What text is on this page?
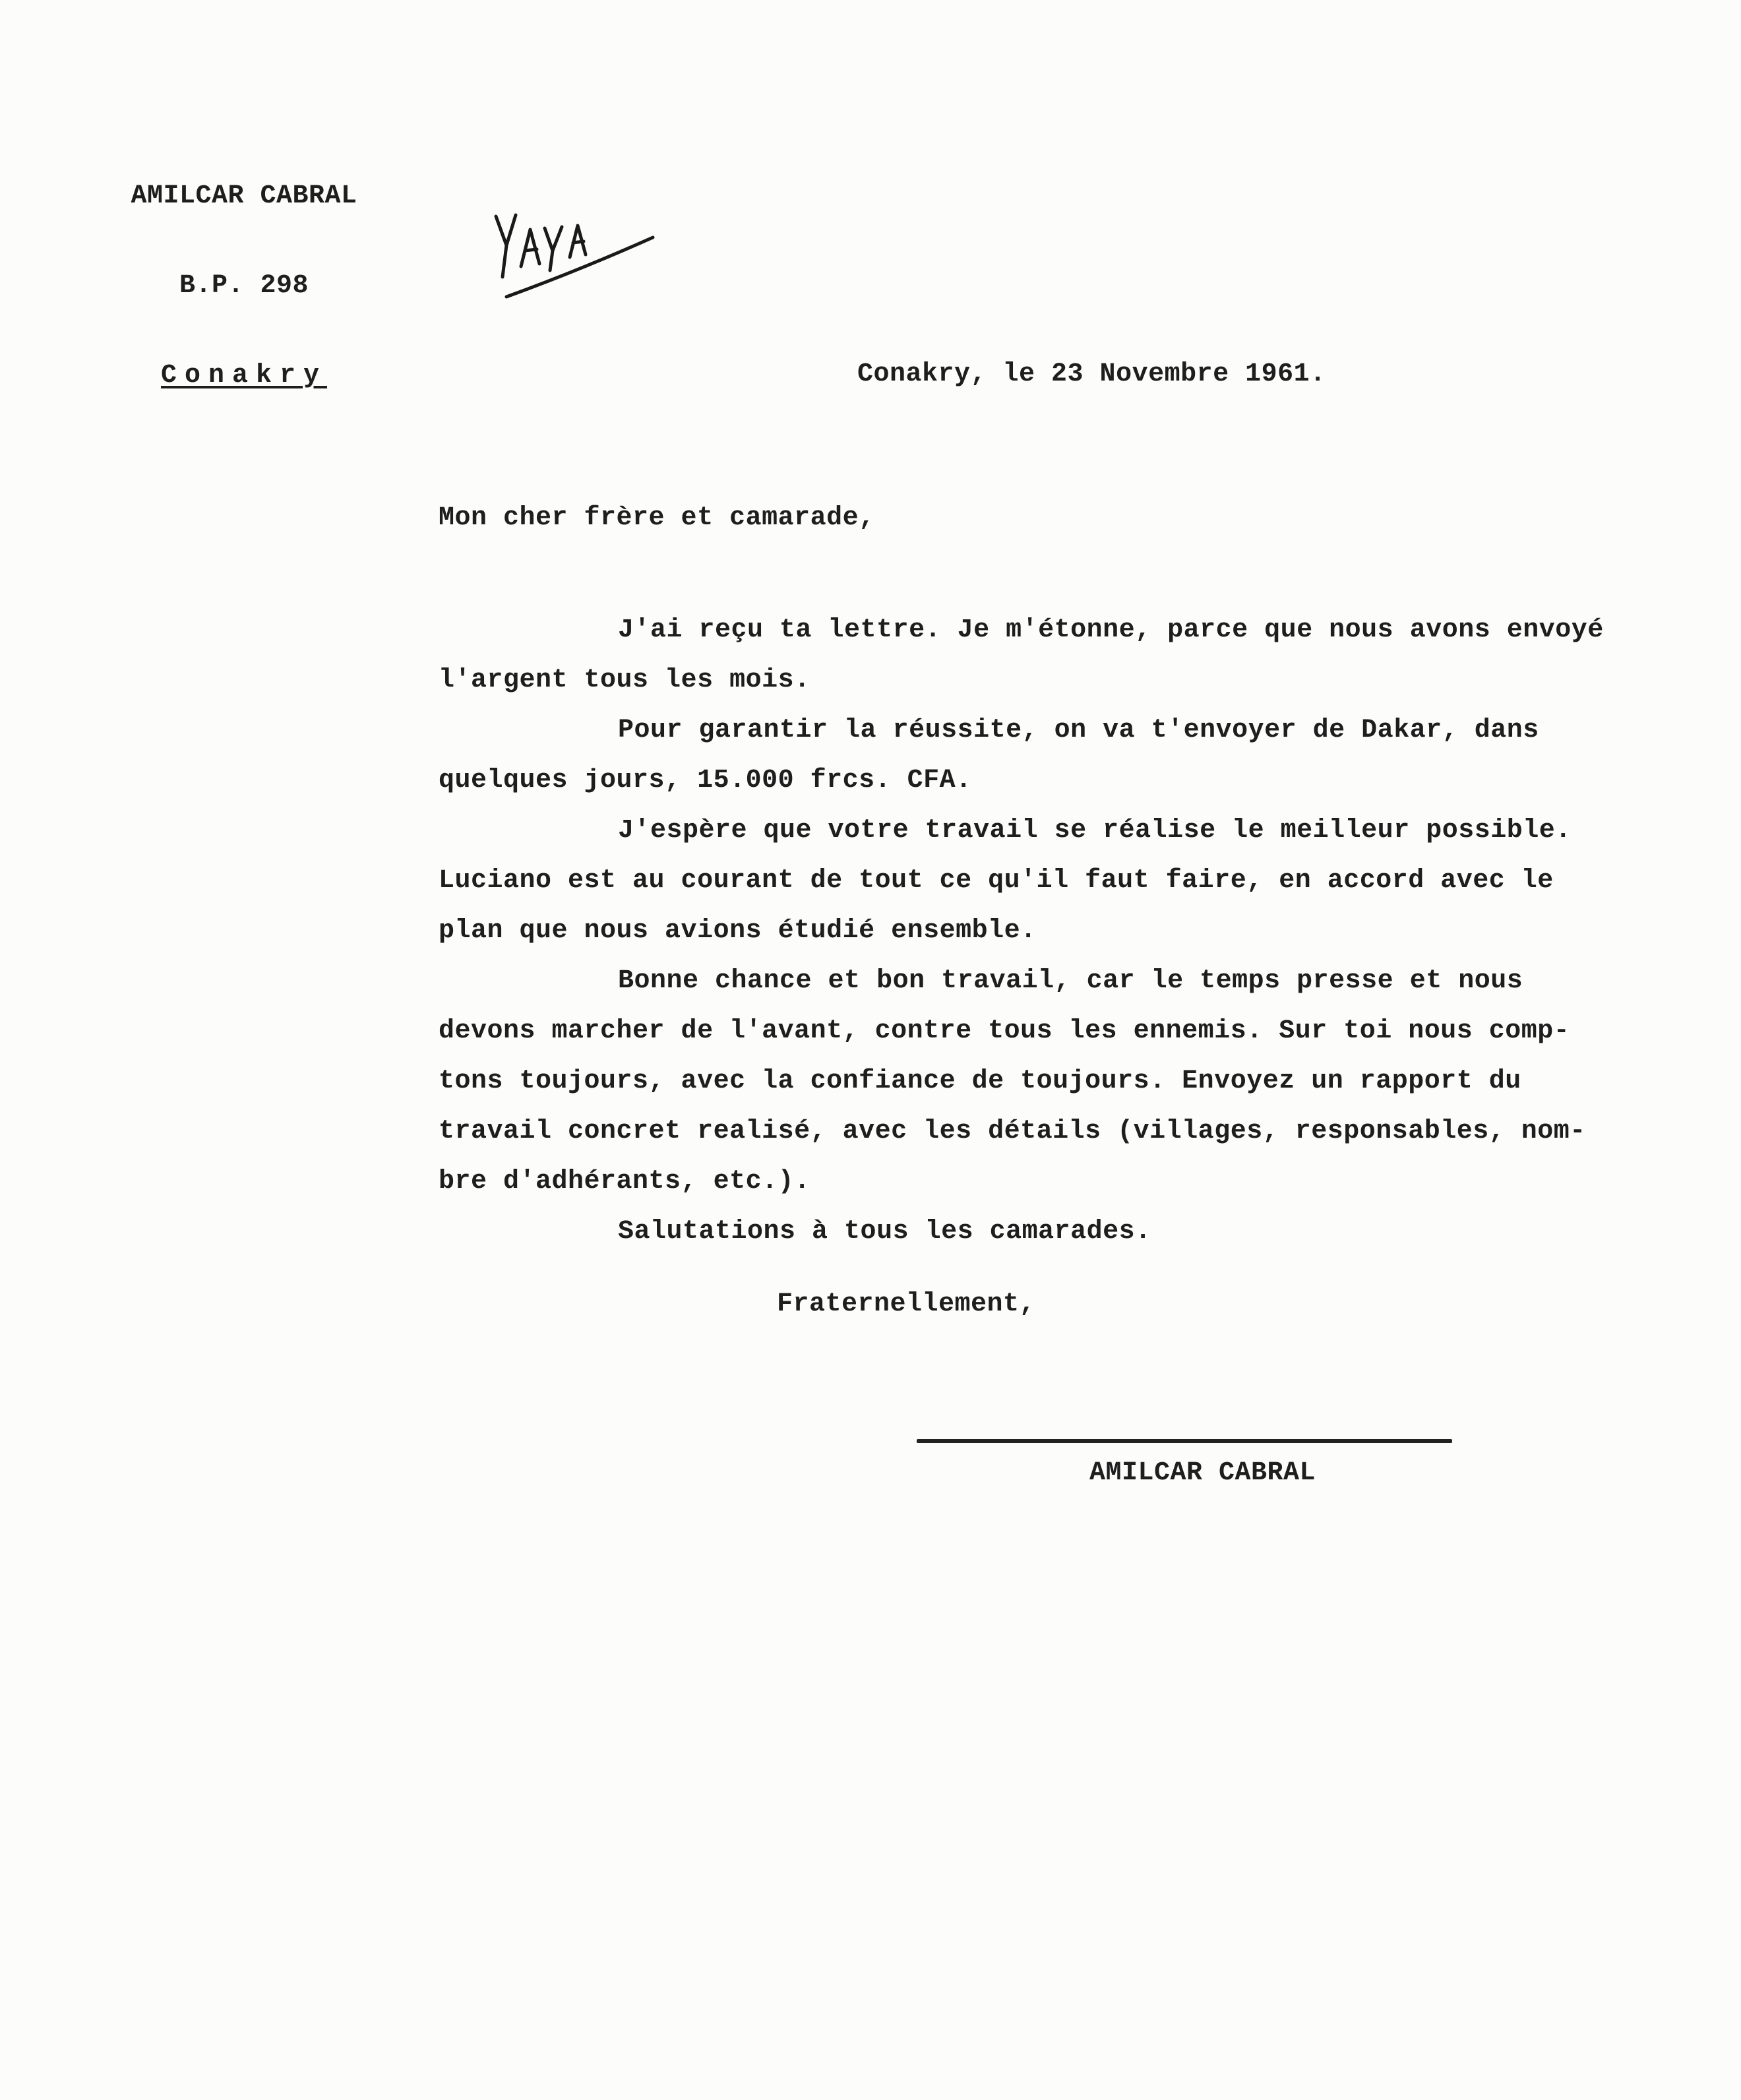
AMILCAR CABRAL

B.P. 298

Conakry

	Conakry, le 23 Novembre 1961.
Mon cher frère et camarade,

J'ai reçu ta lettre. Je m'étonne, parce que nous avons envoyé

l'argent tous les mois.

Pour garantir la réussite, on va t'envoyer de Dakar, dans

quelques jours, 15.000 frcs. CFA.

J'espère que votre travail se réalise le meilleur possible.

Luciano est au courant de tout ce qu'il faut faire, en accord avec le

plan que nous avions étudié ensemble.

Bonne chance et bon travail, car le temps presse et nous

devons marcher de l'avant, contre tous les ennemis. Sur toi nous comp-

tons toujours, avec la confiance de toujours. Envoyez un rapport du

travail concret realisé, avec les détails (villages, responsables, nom-

bre d'adhérants, etc.).

Salutations à tous les camarades.

Fraternellement,
AMILCAR CABRAL
